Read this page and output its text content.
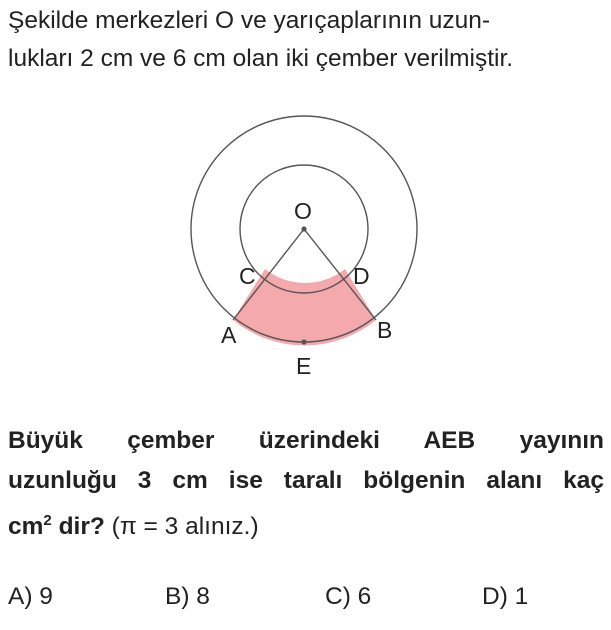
Şekilde merkezleri O ve yarıçaplarının uzun-

lukları 2 cm ve 6 cm olan iki çember verilmiştir.
O
C	D
A	B
E
Büyük çember üzerindeki AEB yayının
uzunluğu 3 cm ise taralı bölgenin alanı kaç
$cm^2$ dir? (π = 3 alınız.)
A) 9	B) 8	C) 6	D) 1
